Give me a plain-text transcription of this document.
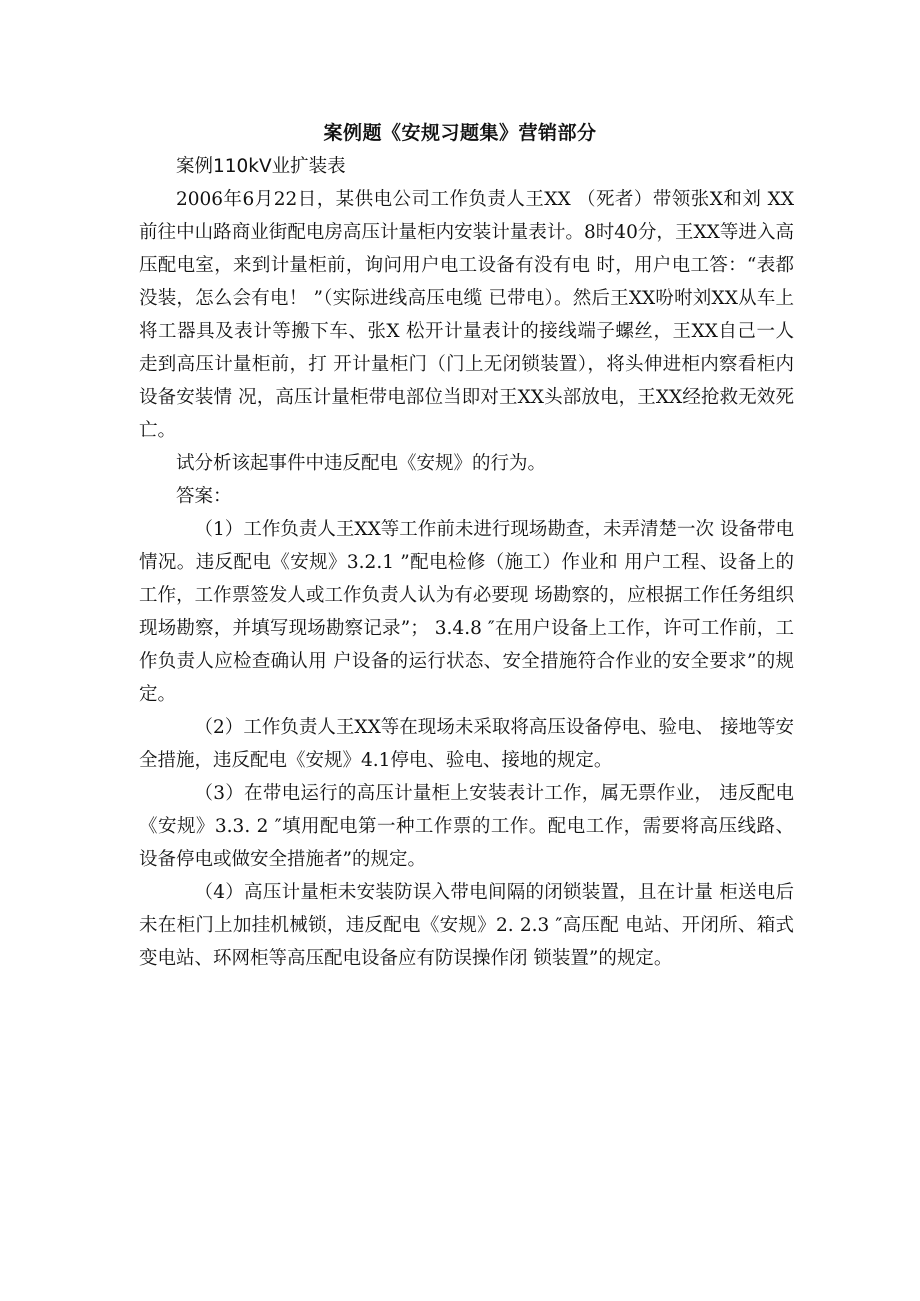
案例题《安规习题集》营销部分

案例110kV业扩装表

2006年6月22日，某供电公司工作负责人王XX （死者）带领张X和刘 XX前往中山路商业街配电房高压计量柜内安装计量表计。8时40分，王XX等进入高压配电室，来到计量柜前，询问用户电工设备有没有电 时，用户电工答：“表都没装，怎么会有电！ ”（实际进线高压电缆 已带电）。然后王XX吩咐刘XX从车上将工器具及表计等搬下车、张X 松开计量表计的接线端子螺丝，王XX自己一人走到高压计量柜前，打 开计量柜门（门上无闭锁装置），将头伸进柜内察看柜内设备安装情 况，高压计量柜带电部位当即对王XX头部放电，王XX经抢救无效死亡。

试分析该起事件中违反配电《安规》的行为。

答案：

（1）工作负责人王XX等工作前未进行现场勘查，未弄清楚一次 设备带电情况。违反配电《安规》3.2.1 ”配电检修（施工）作业和 用户工程、设备上的工作，工作票签发人或工作负责人认为有必要现 场勘察的，应根据工作任务组织现场勘察，并填写现场勘察记录”； 3.4.8 ″在用户设备上工作，许可工作前，工作负责人应检查确认用 户设备的运行状态、安全措施符合作业的安全要求”的规定。

（2）工作负责人王XX等在现场未采取将高压设备停电、验电、 接地等安全措施，违反配电《安规》4.1停电、验电、接地的规定。

（3）在带电运行的高压计量柜上安装表计工作，属无票作业， 违反配电《安规》3.3. 2 ″填用配电第一种工作票的工作。配电工作，需要将高压线路、设备停电或做安全措施者”的规定。

（4）高压计量柜未安装防误入带电间隔的闭锁装置，且在计量 柜送电后未在柜门上加挂机械锁，违反配电《安规》2. 2.3 ″高压配 电站、开闭所、箱式变电站、环网柜等高压配电设备应有防误操作闭 锁装置”的规定。
